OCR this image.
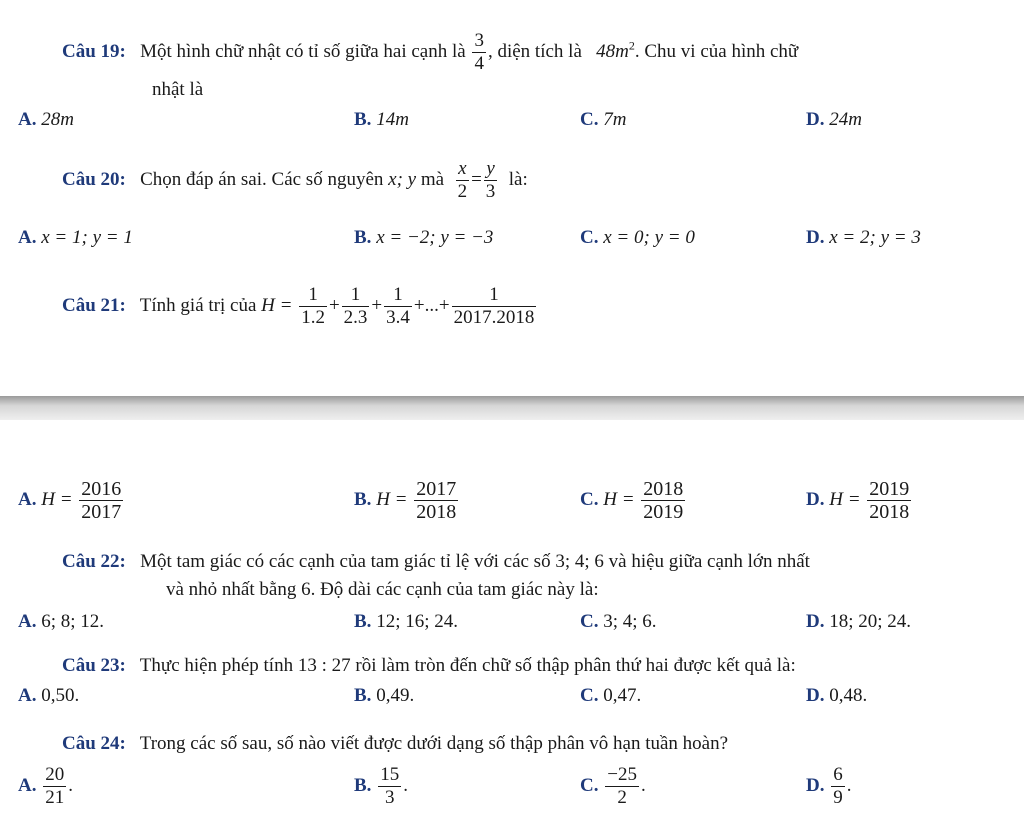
Câu 19: Một hình chữ nhật có tỉ số giữa hai cạnh là $\frac{3}{4}$ , diện tích là $48m^2$. Chu vi của hình chữ
nhật là
A. 28m	B. 14m	C. 7m	D. 24m
Câu 20: Chọn đáp án sai. Các số nguyên x; y mà $\frac{x}{2} = \frac{y}{3}$ là:
A. x = 1; y = 1	B. x = −2; y = −3	C. x = 0; y = 0	D. x = 2; y = 3
Câu 21: Tính giá trị của $H = \frac{1}{1.2} + \frac{1}{2.3} + \frac{1}{3.4}$ +...+ $\frac{1}{2017.2018}$
A. $H = \frac{2016}{2017}$	B. $H = \frac{2017}{2018}$	C. $H = \frac{2018}{2019}$	D. $H = \frac{2019}{2018}$
Câu 22: Một tam giác có các cạnh của tam giác tỉ lệ với các số 3; 4; 6 và hiệu giữa cạnh lớn nhất
và nhỏ nhất bằng 6. Độ dài các cạnh của tam giác này là:
A. 6; 8; 12.	B. 12; 16; 24.	C. 3; 4; 6.	D. 18; 20; 24.
Câu 23: Thực hiện phép tính 13 : 27 rồi làm tròn đến chữ số thập phân thứ hai được kết quả là:
A. 0,50.	B. 0,49.	C. 0,47.	D. 0,48.
Câu 24: Trong các số sau, số nào viết được dưới dạng số thập phân vô hạn tuần hoàn?
A. $\frac{20}{21}$ .	B. $\frac{15}{3}$ .	C. $\frac{-25}{2}$ .	D. $\frac{6}{9}$ .
